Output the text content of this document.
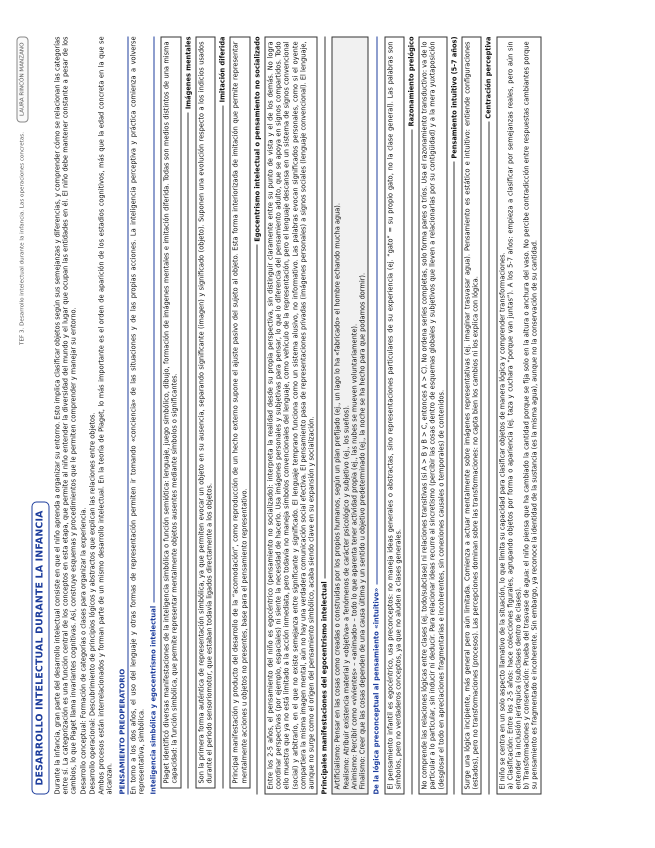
TEF 3. Desarrollo intelectual durante la infancia. Las operaciones concretas.
LAURA RINCÓN MANZANO
DESARROLLO INTELECTUAL DURANTE LA INFANCIA	Durante la infancia, gran parte del desarrollo intelectual consiste en que el niño aprenda a organizar su entorno. Esto implica clasificar objetos según sus semejanzas y diferencias, y comprender cómo se relacionan las categorías entre sí. La categorización es una función central de los conceptos en esta etapa, que permite al niño entender la diversidad del mundo y el lugar que ocupan las entidades en él. El niño debe mantener constante a pesar de los cambios, lo que Piaget llama invariantes cognitivas. Así, construye esquemas y procedimientos que le permiten comprender y manejar su entorno. Desarrollo conceptual: Formación de categorías o clases para organizar la experiencia. Desarrollo operacional: Descubrimiento de principios lógicos y abstractos que explican las relaciones entre objetos. Ambos procesos están interrelacionados y forman parte de un mismo desarrollo intelectual. En la teoría de Piaget, lo más importante es el orden de aparición de los estadios cognitivos, más que la edad concreta en la que se alcanzan. PENSAMIENTO PREOPERATORIO En torno a los dos años, el uso del lenguaje y otras formas de representación permiten ir tomando «conciencia» de las situaciones y de las propias acciones. La inteligencia perceptiva y práctica comienza a volverse representativa, simbólica. Inteligencia simbólica y egocentrismo intelectual Piaget identificó diversas manifestaciones de la inteligencia simbólica o función semiótica: lenguaje, juego simbólico, dibujo, formación de imágenes mentales e imitación diferida. Todas son medios distintos de una misma capacidad: la función simbólica, que permite representar mentalmente objetos ausentes mediante símbolos o significantes.
Imágenes mentales Son la primera forma auténtica de representación simbólica, ya que permiten evocar un objeto en su ausencia, separando significante (imagen) y significado (objeto). Suponen una evolución respecto a los indicios usados durante el periodo sensoriomotor, que estaban todavía ligados directamente a los objetos.
Imitación diferida Principal manifestación y producto del desarrollo de la “acomodación”, como reproducción de un hecho externo supone el ajuste pasivo del sujeto al objeto. Esta forma interiorizada de imitación que permite representar mentalmente acciones u objetos no presentes, base para el pensamiento representativo.
Egocentrismo intelectual o pensamiento no socializado Entre los 2-5 años, el pensamiento del niño es egocéntrico (pensamiento no socializado): interpreta la realidad desde su propia perspectiva, sin distinguir claramente entre su punto de vista y el de los demás. No logra coordinar perspectivas (por ejemplo, espaciales) ni siente la necesidad de hacerlo. Usa imágenes personales y subjetivas para pensar, lo que lo diferencia del pensamiento adulto, que se apoya en signos compartidos. Todo ello muestra que ya no está limitado a la acción inmediata, pero todavía no maneja símbolos convencionales del lenguaje, como vehículo de la representación, pero el lenguaje descansa en un sistema de signos convencional (social) y arbitrario, en el que no existe semejanza entre significante y significado. El lenguaje temprano funciona como un sistema alusivo, no informativo. Las palabras evocan significados personales, como si el oyente compartiera la misma imagen mental, aún no hay una verdadera comunicación social efectiva. El pensamiento pasa de representaciones privadas (imágenes personales) a signos sociales (lenguaje convencional). El lenguaje, aunque no surge como el origen del pensamiento simbólico, acaba siendo clave en su expansión y socialización. Principales manifestaciones del egocentrismo intelectual Artificialismo: Pensar en las cosas como creadas o construidas por los propios humanos, según un plan prefijado (ej., un lago lo ha «fabricado» el hombre echando mucha agua). Realismo: Atribuir existencia material y «objetiva» a fenómenos de carácter psicológico y subjetivo (ej., los sueños). Animismo: Percibir como «vivientes» – «animado» – todo lo que aparenta tener actividad propia (ej., las nubes se mueven voluntariamente). Finalismo: Creer que las cosas dependen de una causa última y un sentido u objetivo predeterminado (ej., la noche se ha hecho para que podamos dormir). De la lógica preconceptual al pensamiento «intuitivo» El pensamiento infantil es egocéntrico, usa preconceptos: no maneja ideas generales o abstractas, sino representaciones particulares de su experiencia (ej. “gato” = su propio gato, no la clase general). Las palabras son símbolos, pero no verdaderos conceptos, ya que no aluden a clases generales.
Razonamiento prelógico No comprende las relaciones lógicas entre clases (ej. todo/subclase) ni relaciones transitivas (si A > B y B > C, entonces A > C). No ordena series completas, solo forma pares o tríos. Usa el razonamiento transductivo: va de lo particular a lo particular, sin inducir ni deducir. Para relacionar ideas recurre al sincretismo (percibir las cosas dentro de esquemas globales y subjetivos que lleven a relacionarlas por su contigüidad) y a la mera yuxtaposición (desglosar el todo en apreciaciones fragmentarias e incoherentes, sin conexiones causales o temporales) de contenidos.
Pensamiento intuitivo (5-7 años) Surge una lógica incipiente, más general pero aún limitada. Comienza a actuar mentalmente sobre imágenes representativas (ej. imaginar trasvasar agua). Pensamiento es estático e intuitivo: entiende configuraciones (estados), pero no transformaciones (procesos). Las percepciones dominan sobre las transformaciones: no capta bien los cambios ni los explica con lógica.
Centración perceptiva
El niño se centra en un solo aspecto llamativo de la situación, lo que limita su capacidad para clasificar objetos de manera lógica y comprender transformaciones. a) Clasificación: Entre los 2-5 años: hace colecciones figurales, agrupando objetos por forma o apariencia (ej. taza y cuchara “porque van juntas”). A los 5-7 años: empieza a clasificar por semejanzas reales, pero aún sin entender la inclusión jerárquica (subclases dentro de clases). b) Transformaciones y conservación: Prueba del trasvase de agua: el niño piensa que ha cambiado la cantidad porque se fija solo en la altura o anchura del vaso. No percibe contradicción entre respuestas cambiantes porque su pensamiento es fragmentado e incoherente. Sin embargo, ya reconoce la identidad de la sustancia (es la misma agua), aunque no la conservación de su cantidad.
